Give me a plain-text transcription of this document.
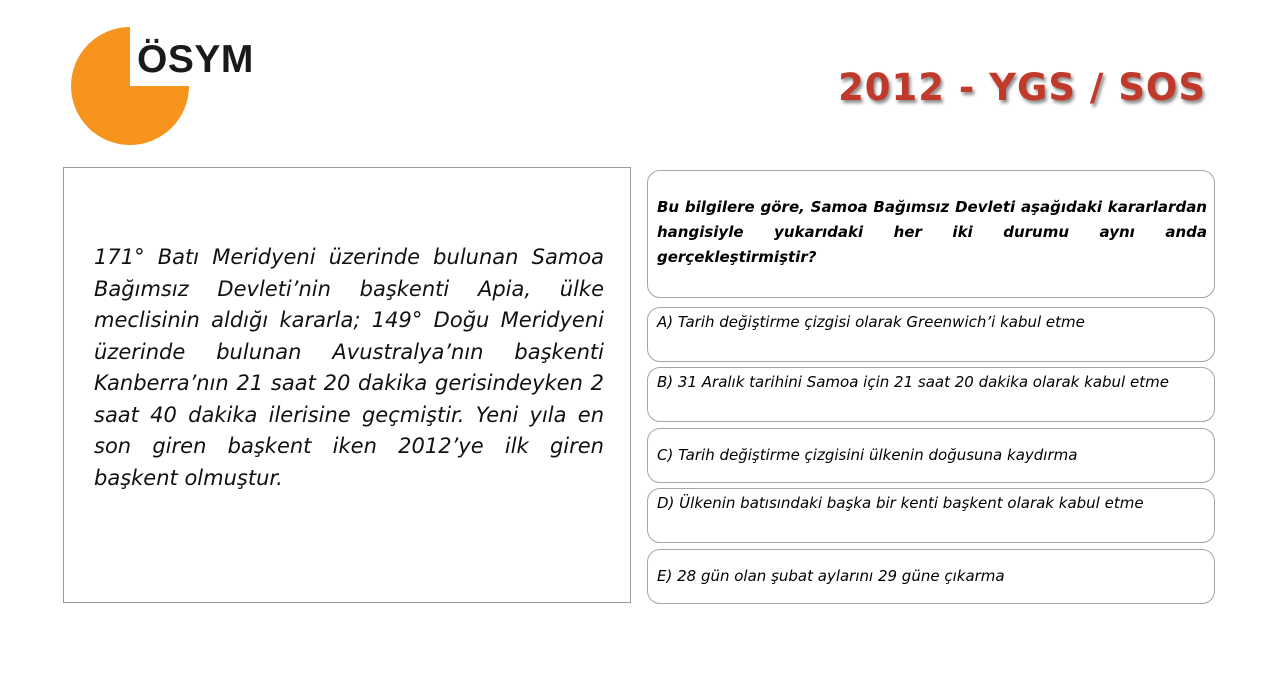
ÖSYM
2012 - YGS / SOS

171° Batı Meridyeni üzerinde bulunan Samoa Bağımsız Devleti’nin başkenti Apia, ülke meclisinin aldığı kararla; 149° Doğu Meridyeni üzerinde bulunan Avustralya’nın başkenti Kanberra’nın 21 saat 20 dakika gerisindeyken 2 saat 40 dakika ilerisine geçmiştir. Yeni yıla en son giren başkent iken 2012’ye ilk giren başkent olmuştur.

Bu bilgilere göre, Samoa Bağımsız Devleti aşağıdaki kararlardan hangisiyle yukarıdaki her iki durumu aynı anda gerçekleştirmiştir?

A) Tarih değiştirme çizgisi olarak Greenwich’i kabul etme

B) 31 Aralık tarihini Samoa için 21 saat 20 dakika olarak kabul etme

C) Tarih değiştirme çizgisini ülkenin doğusuna kaydırma

D) Ülkenin batısındaki başka bir kenti başkent olarak kabul etme

E) 28 gün olan şubat aylarını 29 güne çıkarma
